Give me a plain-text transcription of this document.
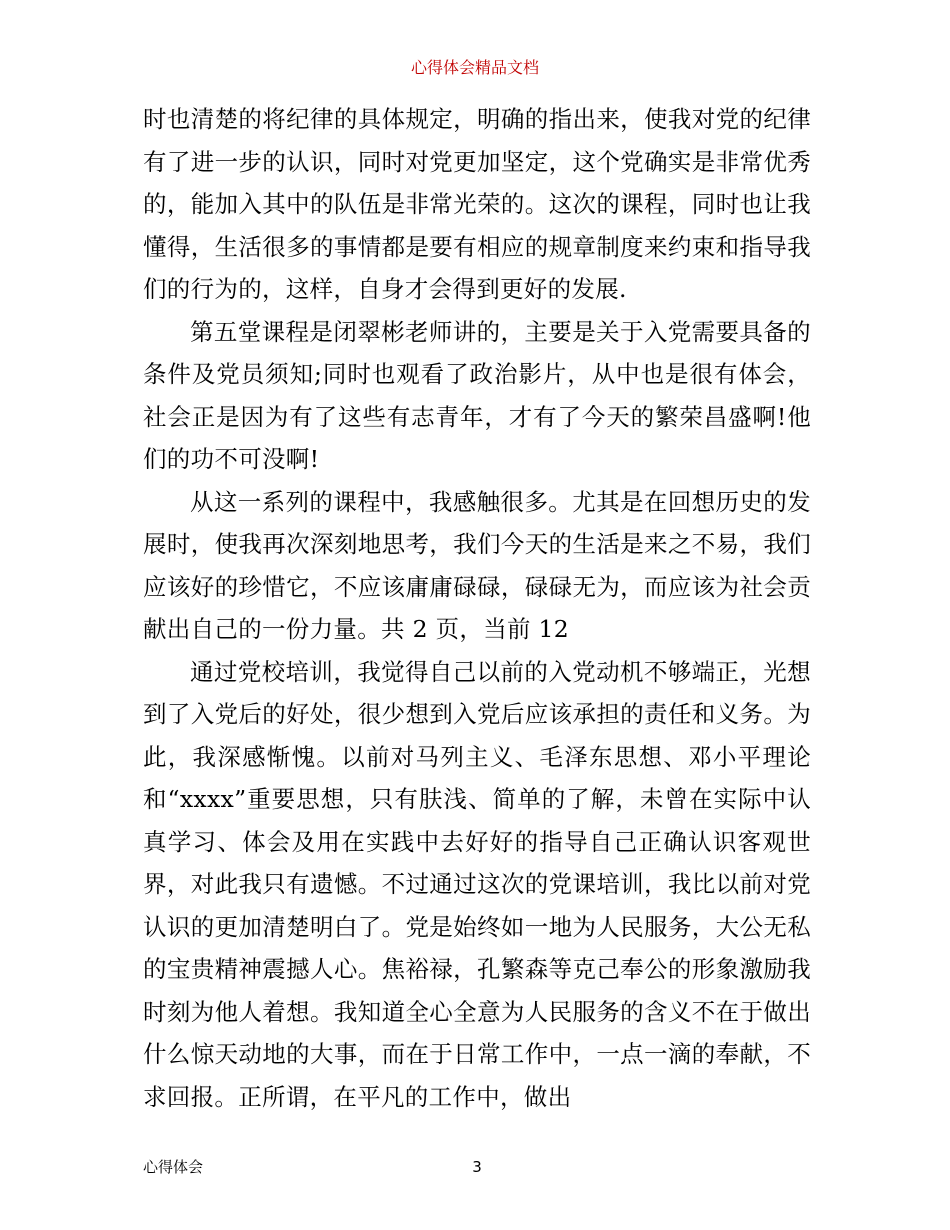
心得体会精品文档

时也清楚的将纪律的具体规定，明确的指出来，使我对党的纪律有了进一步的认识，同时对党更加坚定，这个党确实是非常优秀的，能加入其中的队伍是非常光荣的。这次的课程，同时也让我懂得，生活很多的事情都是要有相应的规章制度来约束和指导我们的行为的，这样，自身才会得到更好的发展.

第五堂课程是闭翠彬老师讲的，主要是关于入党需要具备的条件及党员须知;同时也观看了政治影片，从中也是很有体会，社会正是因为有了这些有志青年，才有了今天的繁荣昌盛啊!他们的功不可没啊!

从这一系列的课程中，我感触很多。尤其是在回想历史的发展时，使我再次深刻地思考，我们今天的生活是来之不易，我们应该好的珍惜它，不应该庸庸碌碌，碌碌无为，而应该为社会贡献出自己的一份力量。共 2 页，当前 12

通过党校培训，我觉得自己以前的入党动机不够端正，光想到了入党后的好处，很少想到入党后应该承担的责任和义务。为此，我深感惭愧。以前对马列主义、毛泽东思想、邓小平理论和“xxxx”重要思想，只有肤浅、简单的了解，未曾在实际中认真学习、体会及用在实践中去好好的指导自己正确认识客观世界，对此我只有遗憾。不过通过这次的党课培训，我比以前对党认识的更加清楚明白了。党是始终如一地为人民服务，大公无私的宝贵精神震撼人心。焦裕禄，孔繁森等克己奉公的形象激励我时刻为他人着想。我知道全心全意为人民服务的含义不在于做出什么惊天动地的大事，而在于日常工作中，一点一滴的奉献，不求回报。正所谓，在平凡的工作中，做出

心得体会	3
